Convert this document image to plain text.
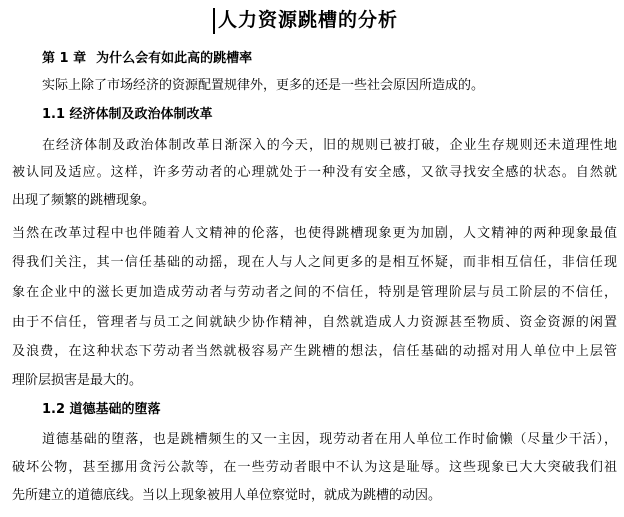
人力资源跳槽的分析
第 1 章 为什么会有如此高的跳槽率
实际上除了市场经济的资源配置规律外，更多的还是一些社会原因所造成的。
1.1 经济体制及政治体制改革
在经济体制及政治体制改革日渐深入的今天，旧的规则已被打破，企业生存规则还未道理性地
被认同及适应。这样，许多劳动者的心理就处于一种没有安全感，又欲寻找安全感的状态。自然就
出现了频繁的跳槽现象。
当然在改革过程中也伴随着人文精神的伦落，也使得跳槽现象更为加剧，人文精神的两种现象最值
得我们关注，其一信任基础的动摇，现在人与人之间更多的是相互怀疑，而非相互信任，非信任现
象在企业中的滋长更加造成劳动者与劳动者之间的不信任，特别是管理阶层与员工阶层的不信任，
由于不信任，管理者与员工之间就缺少协作精神，自然就造成人力资源甚至物质、资金资源的闲置
及浪费，在这种状态下劳动者当然就极容易产生跳槽的想法，信任基础的动摇对用人单位中上层管
理阶层损害是最大的。
1.2 道德基础的堕落
道德基础的堕落，也是跳槽频生的又一主因，现劳动者在用人单位工作时偷懒（尽量少干活），
破坏公物，甚至挪用贪污公款等，在一些劳动者眼中不认为这是耻辱。这些现象已大大突破我们祖
先所建立的道德底线。当以上现象被用人单位察觉时，就成为跳槽的动因。
